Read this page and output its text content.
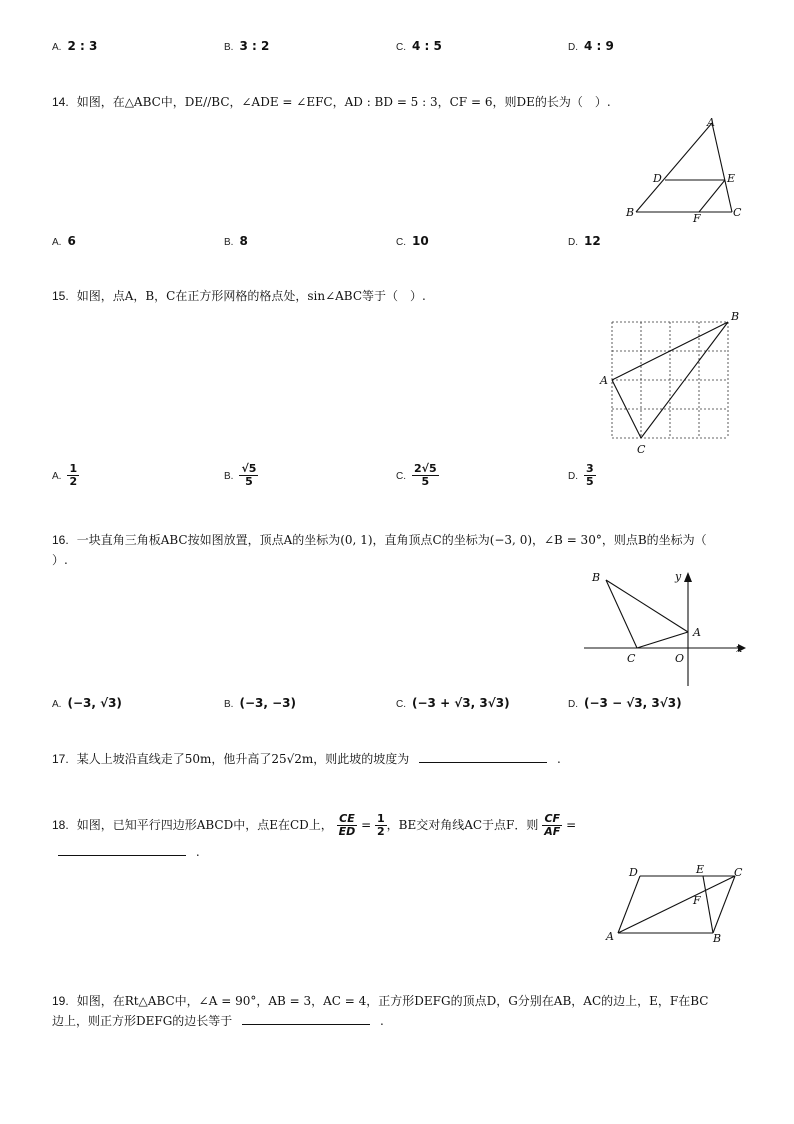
A. 2 : 3	B. 3 : 2	C. 4 : 5	D. 4 : 9
14. 如图，在△ABC中，DE//BC，∠ADE = ∠EFC，AD : BD = 5 : 3，CF = 6，则DE的长为（　）.
A
D	E
B	F	C
A. 6	B. 8	C. 10	D. 12
15. 如图，点A，B，C在正方形网格的格点处，sin∠ABC等于（　）.
A
B
C
A. $\frac{1}{2}$	B. $\frac{√5}{5}$	C. $\frac{2√5}{5}$	D. $\frac{3}{5}$
16. 一块直角三角板ABC按如图放置，顶点A的坐标为(0, 1)，直角顶点C的坐标为(−3, 0)，∠B = 30°，则点B的坐标为（
）.
B	y
A
x
C	O
A. (−3, √3)	B. (−3, −3)	C. (−3 + √3, 3√3)	D. (−3 − √3, 3√3)
17. 某人上坡沿直线走了50m，他升高了25√2m，则此坡的坡度为	.
18. 如图，已知平行四边形ABCD中，点E在CD上， $\frac{CE}{ED} = \frac{1}{2}$ ，BE交对角线AC于点F．则 $\frac{CF}{AF}$ =
.
D	E	C
F
A	B
19. 如图，在Rt△ABC中，∠A = 90°，AB = 3，AC = 4，正方形DEFG的顶点D，G分别在AB，AC的边上，E，F在BC
边上，则正方形DEFG的边长等于	.
